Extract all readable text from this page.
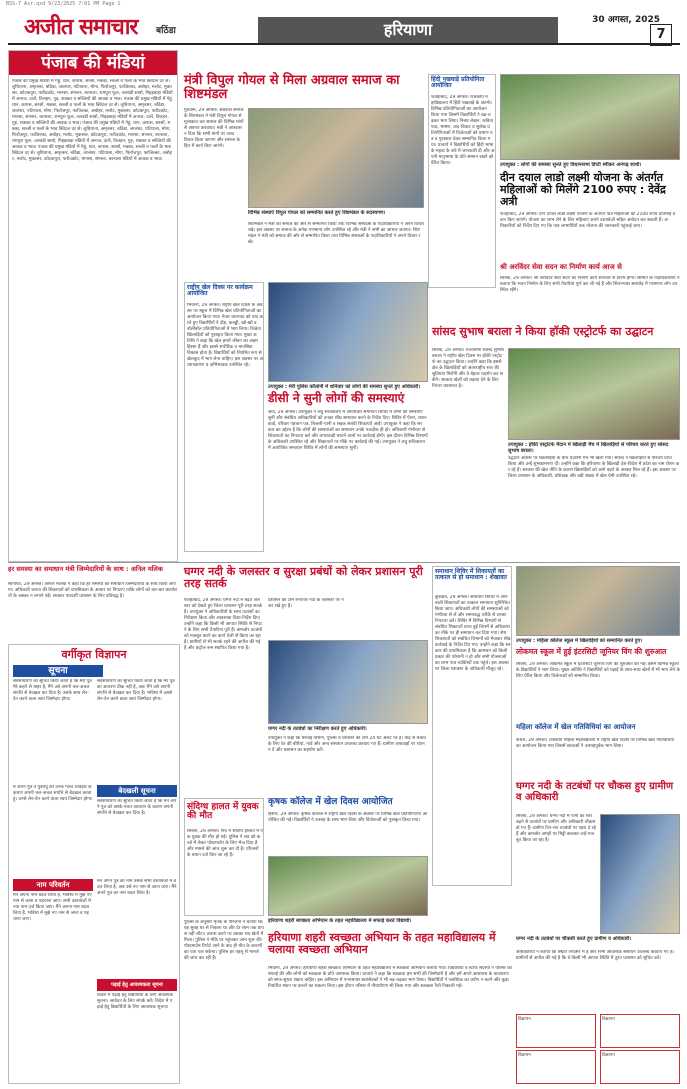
BSS-7 Asr.qxd 9/23/2025 7:01 PM Page 1
अजीत समाचार बठिंडा	हरियाणा	30 अगस्त, 2025
7
पंजाब की मंडियां
पंजाब की प्रमुख मंडियों में गेहूं, धान, कपास, सरसों, मक्का, सब्जी व फलों के भाव क्विंटल दर से। लुधियाना, अमृतसर, बठिंडा, जालंधर, पटियाला, मोगा, फिरोजपुर, फाजिल्का, अबोहर, मलोट, मुक्तसर, कोटकपूरा, फरीदकोट, मानसा, संगरूर, बरनाला, रामपुरा फूल, तलवंडी साबो, गिद्दड़बाहा मंडियों में अनाज, दालें, तिलहन, गुड़, शक्कर व सब्जियों की आवक व भाव। पंजाब की प्रमुख मंडियों में गेहूं, धान, कपास, सरसों, मक्का, सब्जी व फलों के भाव क्विंटल दर से। लुधियाना, अमृतसर, बठिंडा, जालंधर, पटियाला, मोगा, फिरोजपुर, फाजिल्का, अबोहर, मलोट, मुक्तसर, कोटकपूरा, फरीदकोट, मानसा, संगरूर, बरनाला, रामपुरा फूल, तलवंडी साबो, गिद्दड़बाहा मंडियों में अनाज, दालें, तिलहन, गुड़, शक्कर व सब्जियों की आवक व भाव। पंजाब की प्रमुख मंडियों में गेहूं, धान, कपास, सरसों, मक्का, सब्जी व फलों के भाव क्विंटल दर से। लुधियाना, अमृतसर, बठिंडा, जालंधर, पटियाला, मोगा, फिरोजपुर, फाजिल्का, अबोहर, मलोट, मुक्तसर, कोटकपूरा, फरीदकोट, मानसा, संगरूर, बरनाला, रामपुरा फूल, तलवंडी साबो, गिद्दड़बाहा मंडियों में अनाज, दालें, तिलहन, गुड़, शक्कर व सब्जियों की आवक व भाव। पंजाब की प्रमुख मंडियों में गेहूं, धान, कपास, सरसों, मक्का, सब्जी व फलों के भाव क्विंटल दर से। लुधियाना, अमृतसर, बठिंडा, जालंधर, पटियाला, मोगा, फिरोजपुर, फाजिल्का, अबोहर, मलोट, मुक्तसर, कोटकपूरा, फरीदकोट, मानसा, संगरूर, बरनाला मंडियों में आवक व भाव।
मंत्री विपुल गोयल से मिला अग्रवाल समाज का शिष्टमंडल
गुरुग्राम, 29 अगस्त। अग्रवाल समाज के शिष्टमंडल ने मंत्री विपुल गोयल से मुलाकात कर समाज की विभिन्न मांगों से अवगत करवाया। मंत्री ने आश्वासन दिया कि सभी मांगों पर जल्द विचार किया जाएगा और समाज के हित में कार्य किए जाएंगे।
विभिन्न संस्थाएं विपुल गोयल को सम्मानित करते हुए शिष्टमंडल के सदस्यगण।
शिष्टमंडल ने मंत्री को समाज की ओर से सम्मानित किया तथा विभिन्न संस्थाओं के पदाधिकारियों ने अपने विचार रखे। इस अवसर पर समाज के अनेक गणमान्य लोग उपस्थित रहे और मंत्री ने सभी का आभार जताया। शिष्टमंडल ने मंत्री को समाज की ओर से सम्मानित किया तथा विभिन्न संस्थाओं के पदाधिकारियों ने अपने विचार रखे।
हिंदी पखवाड़े प्रतियोगिता आयोजित
फतेहाबाद, 29 अगस्त। राजकीय महाविद्यालय में हिंदी पखवाड़े के अंतर्गत विभिन्न प्रतियोगिताओं का आयोजन किया गया जिसमें विद्यार्थियों ने बढ़-चढ़कर भाग लिया। निबंध लेखन, कविता पाठ, भाषण, वाद-विवाद व सुलेख प्रतियोगिताओं में विजेताओं को प्रमाण पत्र व पुरस्कार देकर सम्मानित किया गया। प्राचार्य ने विद्यार्थियों को हिंदी भाषा के महत्व के बारे में जानकारी दी और अपनी मातृभाषा के प्रति सम्मान रखने को प्रेरित किया।	उपायुक्त : लोगों की समस्या सुनते हुए विधानसभा डिप्टी स्पीकर अनपढ़ साथी।
दीन दयाल लाडो लक्ष्मी योजना के अंतर्गत महिलाओं को मिलेंगे 2100 रुपए : देवेंद्र अत्री
फतेहाबाद, 29 अगस्त। दीन दयाल लाडो लक्ष्मी योजना के अंतर्गत पात्र महिलाओं को 2100 रुपये प्रतिमाह प्रदान किए जाएंगे। योजना का लाभ लेने के लिए महिलाएं अपने दस्तावेजों सहित आवेदन कर सकती हैं। अधिकारियों को निर्देश दिए गए कि पात्र लाभार्थियों तक योजना की जानकारी पहुंचाई जाए।
श्री अरविंदर सेवा सदन का निर्माण कार्य आज से
सिरसा, 29 अगस्त। श्री अरविंदर सेवा सदन का निर्माण कार्य शनिवार से प्रारंभ होगा। समिति के पदाधिकारियों ने बताया कि भवन निर्माण के लिए सभी तैयारियां पूर्ण कर ली गई हैं और शिलान्यास समारोह में गणमान्य लोग उपस्थित रहेंगे।
राष्ट्रीय खेल दिवस पर कार्यक्रम आयोजित
भिवानी, 29 अगस्त। राष्ट्रीय खेल दिवस के अवसर पर स्कूल में विभिन्न खेल प्रतियोगिताओं का आयोजन किया गया। मेजर ध्यानचंद को याद करते हुए विद्यार्थियों ने दौड़, कबड्डी, खो-खो व वॉलीबॉल प्रतियोगिताओं में भाग लिया। विजेता खिलाड़ियों को पुरस्कृत किया गया। मुख्य अतिथि ने कहा कि खेल हमारे जीवन का अहम हिस्सा हैं और इससे शारीरिक व मानसिक विकास होता है। विद्यार्थियों को नियमित रूप से खेलकूद में भाग लेना चाहिए। इस अवसर पर अध्यापकगण व अभिभावक उपस्थित रहे।
उपायुक्त : मेरी पुलिस कॉलोनी में शनिवार को लोगों की समस्या सुनते हुए अधिकारी।
डीसी ने सुनी लोगों की समस्याएं
जींद, 29 अगस्त। उपायुक्त ने लघु सचिवालय में आयोजित समाधान शिविर में लोगों की समस्याएं सुनीं और संबंधित अधिकारियों को उनका शीघ्र समाधान करने के निर्देश दिए। शिविर में पेंशन, राशन कार्ड, परिवार पहचान पत्र, बिजली-पानी व सड़क संबंधी शिकायतें आईं। उपायुक्त ने कहा कि सरकार का उद्देश्य है कि लोगों की समस्याओं का समाधान उनके नजदीक ही हो। अधिकारी गंभीरता से शिकायतों का निपटारा करें और लापरवाही बरतने वालों पर कार्रवाई होगी। इस दौरान विभिन्न विभागों के अधिकारी उपस्थित रहे और शिकायतों पर मौके पर कार्रवाई की गई। उपायुक्त ने लघु सचिवालय में आयोजित समाधान शिविर में लोगों की समस्याएं सुनीं।
सांसद सुभाष बराला ने किया हॉकी एस्ट्रोटर्फ का उद्घाटन
सिरसा, 29 अगस्त। राज्यसभा सांसद सुभाष बराला ने राष्ट्रीय खेल दिवस पर हॉकी एस्ट्रोटर्फ का उद्घाटन किया। उन्होंने कहा कि इससे क्षेत्र के खिलाड़ियों को अंतरराष्ट्रीय स्तर की सुविधाएं मिलेंगी और वे बेहतर प्रदर्शन कर सकेंगे। सरकार खेलों को बढ़ावा देने के लिए निरंतर प्रयासरत है।
उपायुक्त : हॉकी एस्ट्रोटर्फ मैदान में खिलाड़ी मैच में खिलाड़ियों से परिचय करते हुए सांसद सुभाष बराला।
उद्घाटन अवसर पर खिलाड़ियों के बीच प्रदर्शनी मैच भी खेला गया। सांसद ने खिलाड़ियों से परिचय प्राप्त किया और उन्हें शुभकामनाएं दीं। उन्होंने कहा कि हरियाणा के खिलाड़ी देश-विदेश में प्रदेश का नाम रोशन कर रहे हैं। सरकार की खेल नीति के कारण खिलाड़ियों को आगे बढ़ने के अवसर मिल रहे हैं। इस अवसर पर जिला प्रशासन के अधिकारी, प्रशिक्षक और बड़ी संख्या में खेल प्रेमी उपस्थित रहे।
हर समस्या का समाधान मंत्री जिम्मेदारियों के साथ : अनिल मलिक
सोनीपत, 29 अगस्त। अनिल मलिक ने कहा कि हर समस्या का समाधान जिम्मेदारियों के साथ किया जाएगा। अधिकारी जनता की शिकायतों को प्राथमिकता के आधार पर निपटाएं ताकि लोगों को बार-बार कार्यालयों के चक्कर न लगाने पड़ें। सरकार पारदर्शी प्रशासन के लिए प्रतिबद्ध है।
वर्गीकृत विज्ञापन
सूचना
सर्वसाधारण को सूचित किया जाता है कि मेरा पुत्र मेरे कहने से बाहर है, मैंने उसे अपनी चल-अचल संपत्ति से बेदखल कर दिया है। उसके साथ लेन-देन करने वाला स्वयं जिम्मेदार होगा।
सर्वसाधारण को सूचित किया जाता है कि मेरे पुत्र का आचरण ठीक नहीं है, अतः मैंने उसे अपनी संपत्ति से बेदखल कर दिया है। भविष्य में उससे लेन-देन करने वाला स्वयं जिम्मेदार होगा।
बेदखली सूचना
मैं अपने पुत्र व पुत्रवधू को उनके गलत व्यवहार के कारण अपनी चल-अचल संपत्ति से बेदखल करता हूं। उनसे लेन-देन करने वाला स्वयं जिम्मेदार होगा। सर्वसाधारण को सूचित किया जाता है कि मैंने अपने पुत्र को उसके गलत आचरण के कारण अपनी संपत्ति से बेदखल कर दिया है।
नाम परिवर्तन
मैंने अपना नाम बदल लिया है, भविष्य में मुझे नए नाम से जाना व पहचाना जाए। सभी दस्तावेजों में नया नाम दर्ज किया जाए। मैंने अपना नाम बदल लिया है, भविष्य में मुझे नए नाम से जाना व पहचाना जाए।
मैंने अपने पुत्र का नाम उसके सभी दस्तावेजों में बदल लिया है, अब उसे नए नाम से जाना जाए। मैंने अपने पुत्र का नाम बदल लिया है।
पढ़ाई हेतु आवश्यकता सूचना
विदेश में पढ़ाई हेतु विद्यार्थियों के लिए आवश्यक सूचना। आवेदन के लिए संपर्क करें। विदेश में पढ़ाई हेतु विद्यार्थियों के लिए आवश्यक सूचना।
घग्गर नदी के जलस्तर व सुरक्षा प्रबंधों को लेकर प्रशासन पूरी तरह सतर्क
फतेहाबाद, 29 अगस्त। घग्गर नदी में बढ़ते जलस्तर को देखते हुए जिला प्रशासन पूरी तरह सतर्क है। उपायुक्त ने अधिकारियों के साथ तटबंधों का निरीक्षण किया और आवश्यक दिशा-निर्देश दिए। उन्होंने कहा कि किसी भी आपात स्थिति से निपटने के लिए सभी तैयारियां पूरी हैं। कमजोर तटबंधों को मजबूत करने का कार्य तेजी से किया जा रहा है। ग्रामीणों से भी सतर्क रहने की अपील की गई है और कंट्रोल रूम स्थापित किया गया है।
प्रशासन की टीमें लगातार नदी के जलस्तर पर नजर रखे हुए हैं।
घग्गर नदी के तटबंधों का निरीक्षण करते हुए अधिकारी।
उपायुक्त ने कहा कि सिंचाई विभाग, पुलिस व प्रशासन की टीमें 24 घंटे अलर्ट पर हैं। बाढ़ से बचाव के लिए रेत की बोरियां, नावें और अन्य संसाधन उपलब्ध करवाए गए हैं। ग्रामीण अफवाहों पर ध्यान न दें और प्रशासन का सहयोग करें।
समाधान शिविर में शिकायतों का तत्काल से हो समाधान : शेखावत
कुरुक्षेत्र, 29 अगस्त। समाधान शिविर में आने वाली शिकायतों का तत्काल समाधान सुनिश्चित किया जाए। अधिकारी लोगों की समस्याओं को गंभीरता से लें और समयबद्ध तरीके से उनका निपटारा करें। शिविर में विभिन्न विभागों से संबंधित शिकायतें प्राप्त हुईं जिनमें से अधिकांश का मौके पर ही समाधान कर दिया गया। शेष शिकायतों को संबंधित विभागों को भेजकर शीघ्र कार्रवाई के निर्देश दिए गए। उन्होंने कहा कि सरकार की प्राथमिकता है कि आमजन को किसी प्रकार की परेशानी न हो और सभी योजनाओं का लाभ पात्र व्यक्तियों तक पहुंचे। इस अवसर पर जिला प्रशासन के अधिकारी मौजूद रहे।
उपायुक्त : महिला कॉलेज स्कूल में खिलाड़ियों को सम्मानित करते हुए।
लोकमत स्कूल में हुई इंटरसिटी जूनियर विंग की शुरुआत
सिरसा, 29 अगस्त। लोकमत स्कूल में इंटरसिटी जूनियर विंग की शुरुआत की गई। इसमें विभिन्न स्कूलों के विद्यार्थियों ने भाग लिया। मुख्य अतिथि ने विद्यार्थियों को पढ़ाई के साथ-साथ खेलों में भी भाग लेने के लिए प्रेरित किया और विजेताओं को सम्मानित किया।
महिला कॉलेज में खेल गतिविधियां का आयोजन
कैथल, 29 अगस्त। राजकीय महिला महाविद्यालय में राष्ट्रीय खेल दिवस पर विभिन्न खेल गतिविधियों का आयोजन किया गया जिसमें छात्राओं ने उत्साहपूर्वक भाग लिया।
कृषक कॉलेज में खेल दिवस आयोजित
हिसार, 29 अगस्त। कृषक कॉलेज में राष्ट्रीय खेल दिवस के अवसर पर विभिन्न खेल प्रतियोगिताएं आयोजित की गईं। विद्यार्थियों ने उत्साह के साथ भाग लिया और विजेताओं को पुरस्कृत किया गया।
संदिग्ध हालत में युवक की मौत
सिरसा, 29 अगस्त। गांव में संदिग्ध हालात में एक युवक की मौत हो गई। पुलिस ने शव को कब्जे में लेकर पोस्टमार्टम के लिए भेज दिया है और मामले की जांच शुरू कर दी है। परिजनों के बयान दर्ज किए जा रहे हैं।
पुलिस के अनुसार मृतक के परिजनों ने बताया कि वह सुबह घर से निकला था और देर शाम तक वापस नहीं लौटा। तलाश करने पर उसका शव खेतों में मिला। पुलिस ने मौके पर पहुंचकर जांच शुरू की। पोस्टमार्टम रिपोर्ट आने के बाद ही मौत के कारणों का पता चल सकेगा। पुलिस हर पहलू से मामले की जांच कर रही है।
हरियाणा शहरी स्वच्छता अभियान के तहत महाविद्यालय में सफाई करते विद्यार्थी।
हरियाणा शहरी स्वच्छता अभियान के तहत महाविद्यालय में चलाया स्वच्छता अभियान
भिवानी, 29 अगस्त। हरियाणा शहरी स्वच्छता अभियान के तहत महाविद्यालय में स्वच्छता अभियान चलाया गया। विद्यार्थियों व स्टाफ सदस्यों ने परिसर की सफाई की और लोगों को स्वच्छता के प्रति जागरूक किया। प्राचार्य ने कहा कि स्वच्छता हम सभी की जिम्मेदारी है और हमें अपने आसपास के वातावरण को साफ-सुथरा रखना चाहिए। इस अभियान में एनएसएस स्वयंसेवकों ने भी बढ़-चढ़कर भाग लिया। विद्यार्थियों ने प्लास्टिक का प्रयोग न करने और कूड़ा निर्धारित स्थान पर डालने का संकल्प लिया। इस दौरान परिसर में पौधारोपण भी किया गया और स्वच्छता रैली निकाली गई।
घग्गर नदी के तटबंधों पर चौकस हुए ग्रामीण व अधिकारी
सिरसा, 29 अगस्त। घग्गर नदी में पानी का स्तर बढ़ने से तटबंधों पर ग्रामीण और अधिकारी चौकस हो गए हैं। ग्रामीण दिन-रात तटबंधों पर पहरा दे रहे हैं और कमजोर जगहों पर मिट्टी डालकर उन्हें मजबूत किया जा रहा है।
घग्गर नदी के तटबंधों पर चौकसी करते हुए ग्रामीण व अधिकारी।
अधिकारियों ने बताया कि स्थिति नियंत्रण में है और सभी आवश्यक संसाधन उपलब्ध करवाए गए हैं। ग्रामीणों से अपील की गई है कि वे किसी भी आपात स्थिति में तुरंत प्रशासन को सूचित करें।
विज्ञापन	विज्ञापन
विज्ञापन	विज्ञापन
